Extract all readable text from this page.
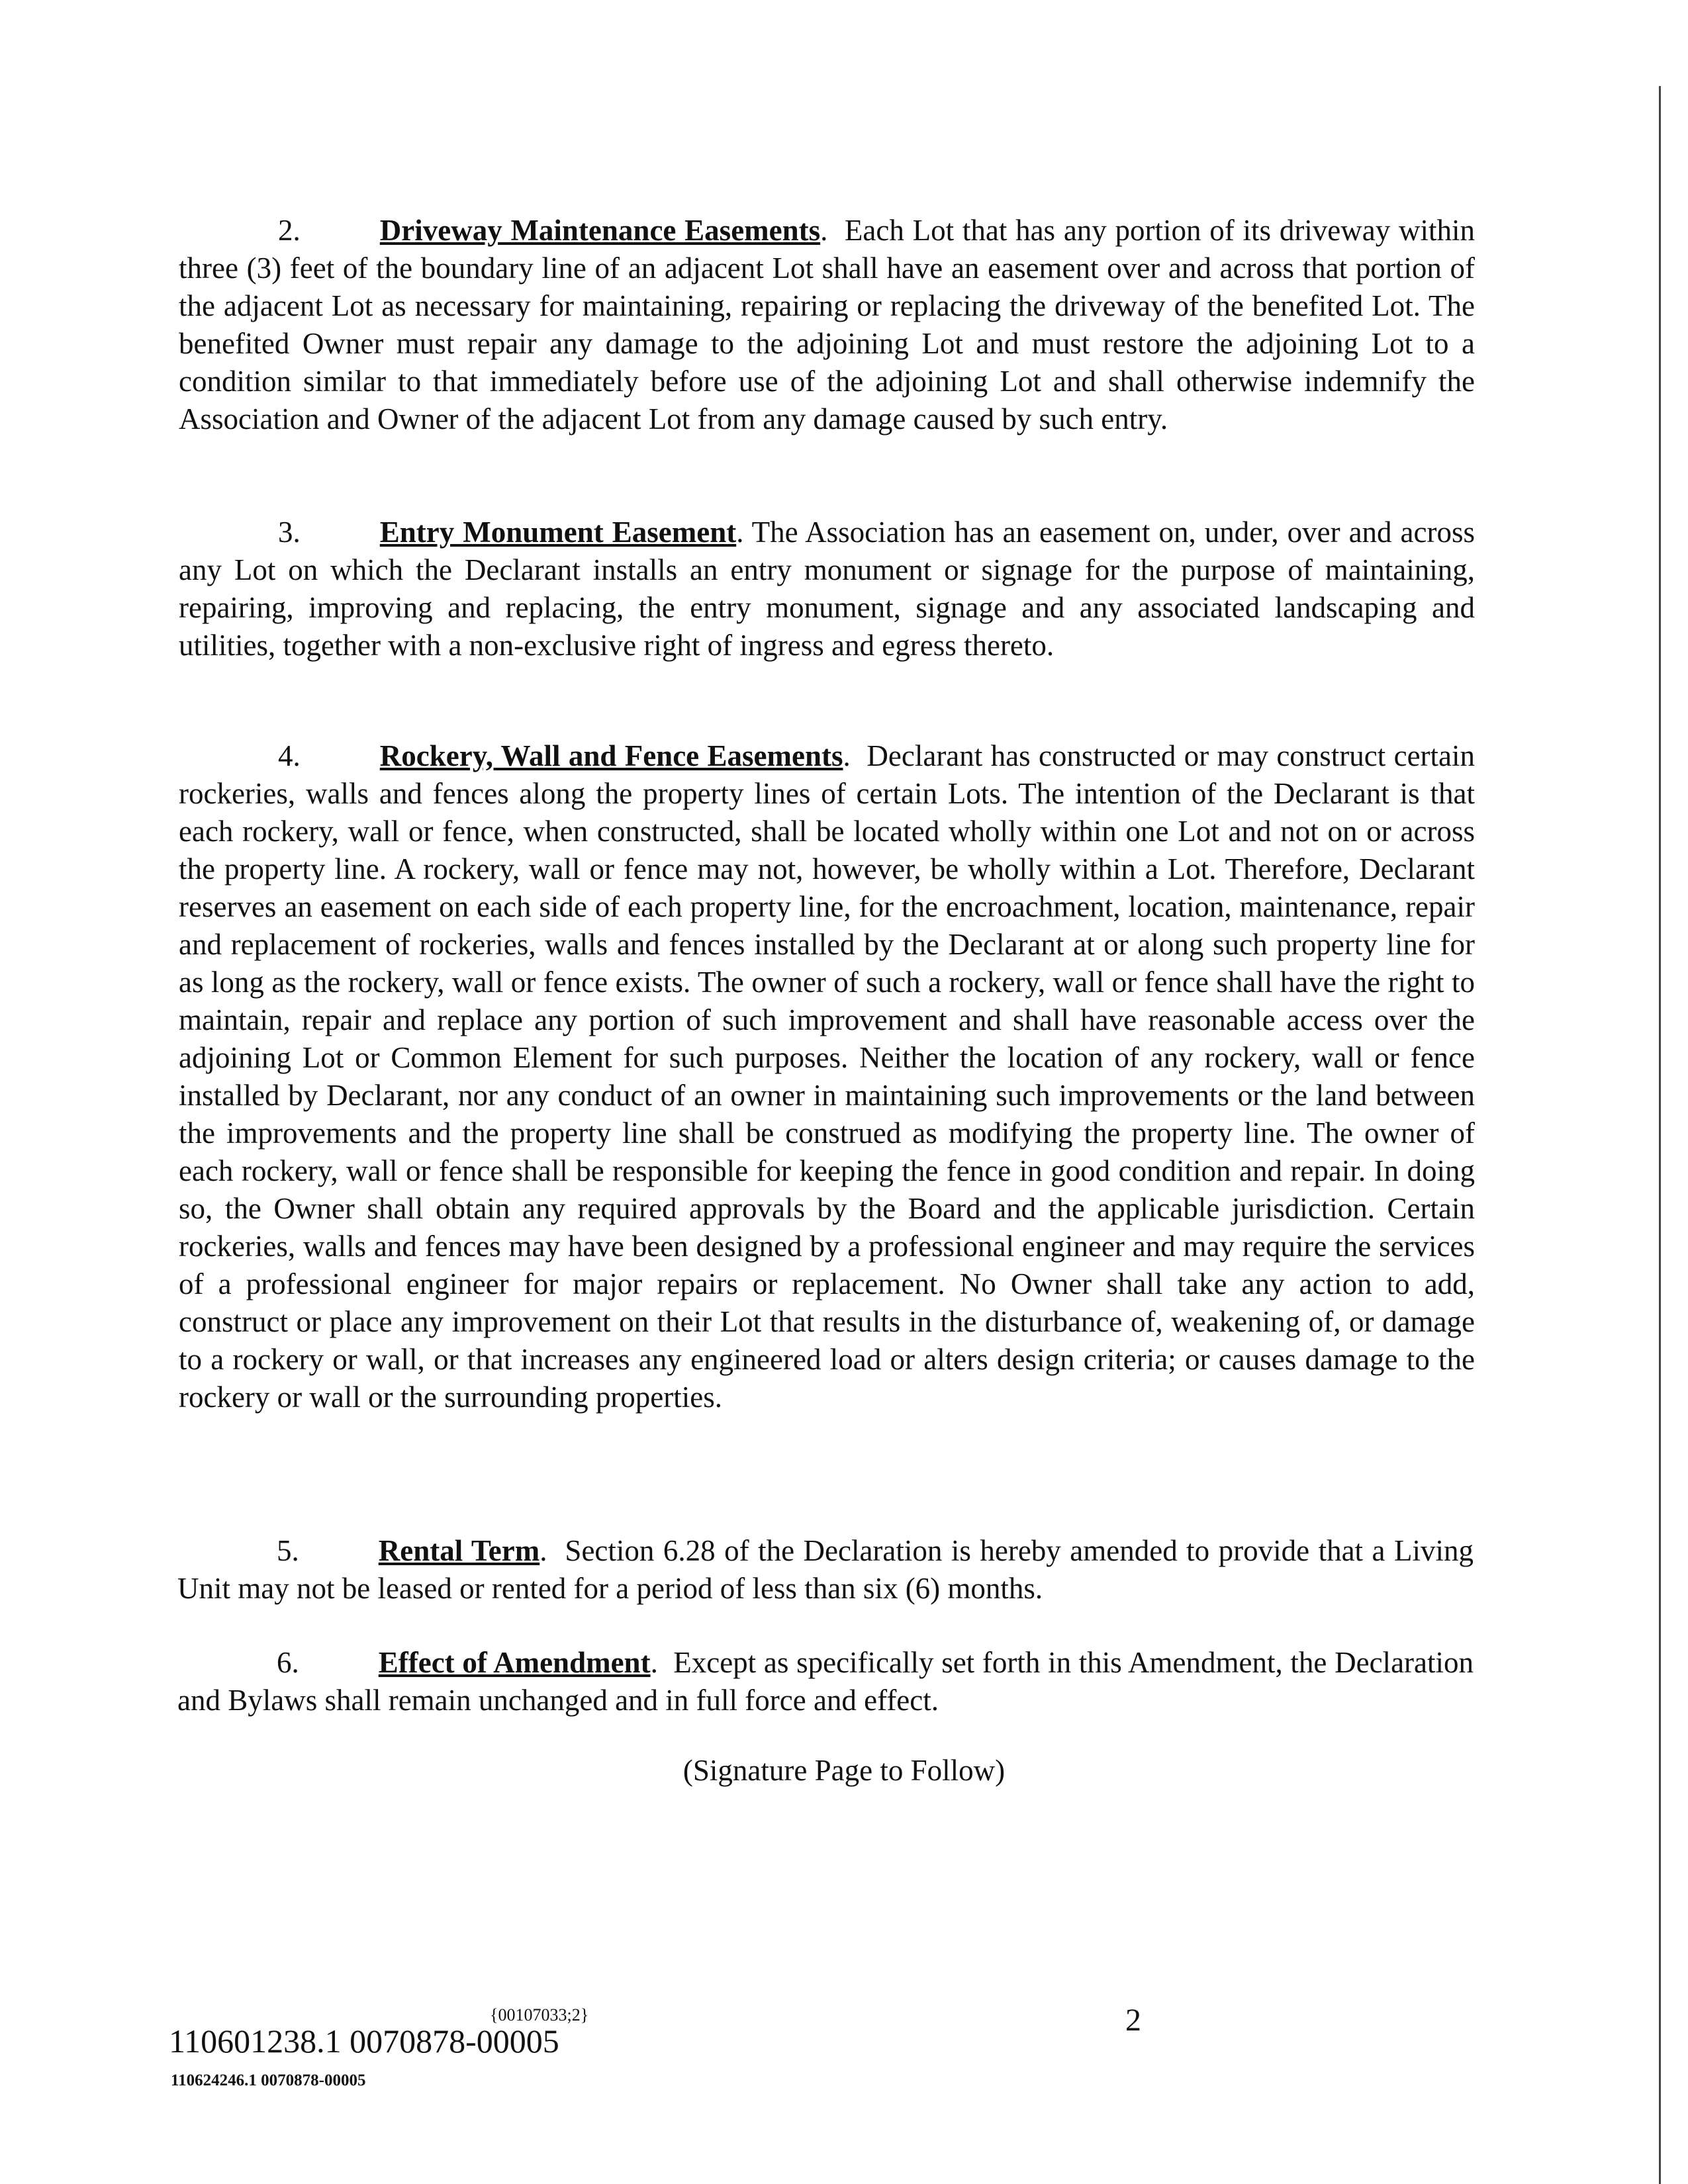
2.	Driveway Maintenance Easements. Each Lot that has any portion of its driveway within three (3) feet of the boundary line of an adjacent Lot shall have an easement over and across that portion of the adjacent Lot as necessary for maintaining, repairing or replacing the driveway of the benefited Lot. The benefited Owner must repair any damage to the adjoining Lot and must restore the adjoining Lot to a condition similar to that immediately before use of the adjoining Lot and shall otherwise indemnify the Association and Owner of the adjacent Lot from any damage caused by such entry.

3.	Entry Monument Easement. The Association has an easement on, under, over and across any Lot on which the Declarant installs an entry monument or signage for the purpose of maintaining, repairing, improving and replacing, the entry monument, signage and any associated landscaping and utilities, together with a non-exclusive right of ingress and egress thereto.

4.	Rockery, Wall and Fence Easements. Declarant has constructed or may construct certain rockeries, walls and fences along the property lines of certain Lots. The intention of the Declarant is that each rockery, wall or fence, when constructed, shall be located wholly within one Lot and not on or across the property line. A rockery, wall or fence may not, however, be wholly within a Lot. Therefore, Declarant reserves an easement on each side of each property line, for the encroachment, location, maintenance, repair and replacement of rockeries, walls and fences installed by the Declarant at or along such property line for as long as the rockery, wall or fence exists. The owner of such a rockery, wall or fence shall have the right to maintain, repair and replace any portion of such improvement and shall have reasonable access over the adjoining Lot or Common Element for such purposes. Neither the location of any rockery, wall or fence installed by Declarant, nor any conduct of an owner in maintaining such improvements or the land between the improvements and the property line shall be construed as modifying the property line. The owner of each rockery, wall or fence shall be responsible for keeping the fence in good condition and repair. In doing so, the Owner shall obtain any required approvals by the Board and the applicable jurisdiction. Certain rockeries, walls and fences may have been designed by a professional engineer and may require the services of a professional engineer for major repairs or replacement. No Owner shall take any action to add, construct or place any improvement on their Lot that results in the disturbance of, weakening of, or damage to a rockery or wall, or that increases any engineered load or alters design criteria; or causes damage to the rockery or wall or the surrounding properties.

5.	Rental Term. Section 6.28 of the Declaration is hereby amended to provide that a Living Unit may not be leased or rented for a period of less than six (6) months.

6.	Effect of Amendment. Except as specifically set forth in this Amendment, the Declaration and Bylaws shall remain unchanged and in full force and effect.

(Signature Page to Follow)
{00107033;2}
110601238.1 0070878-00005
110624246.1 0070878-00005
2
